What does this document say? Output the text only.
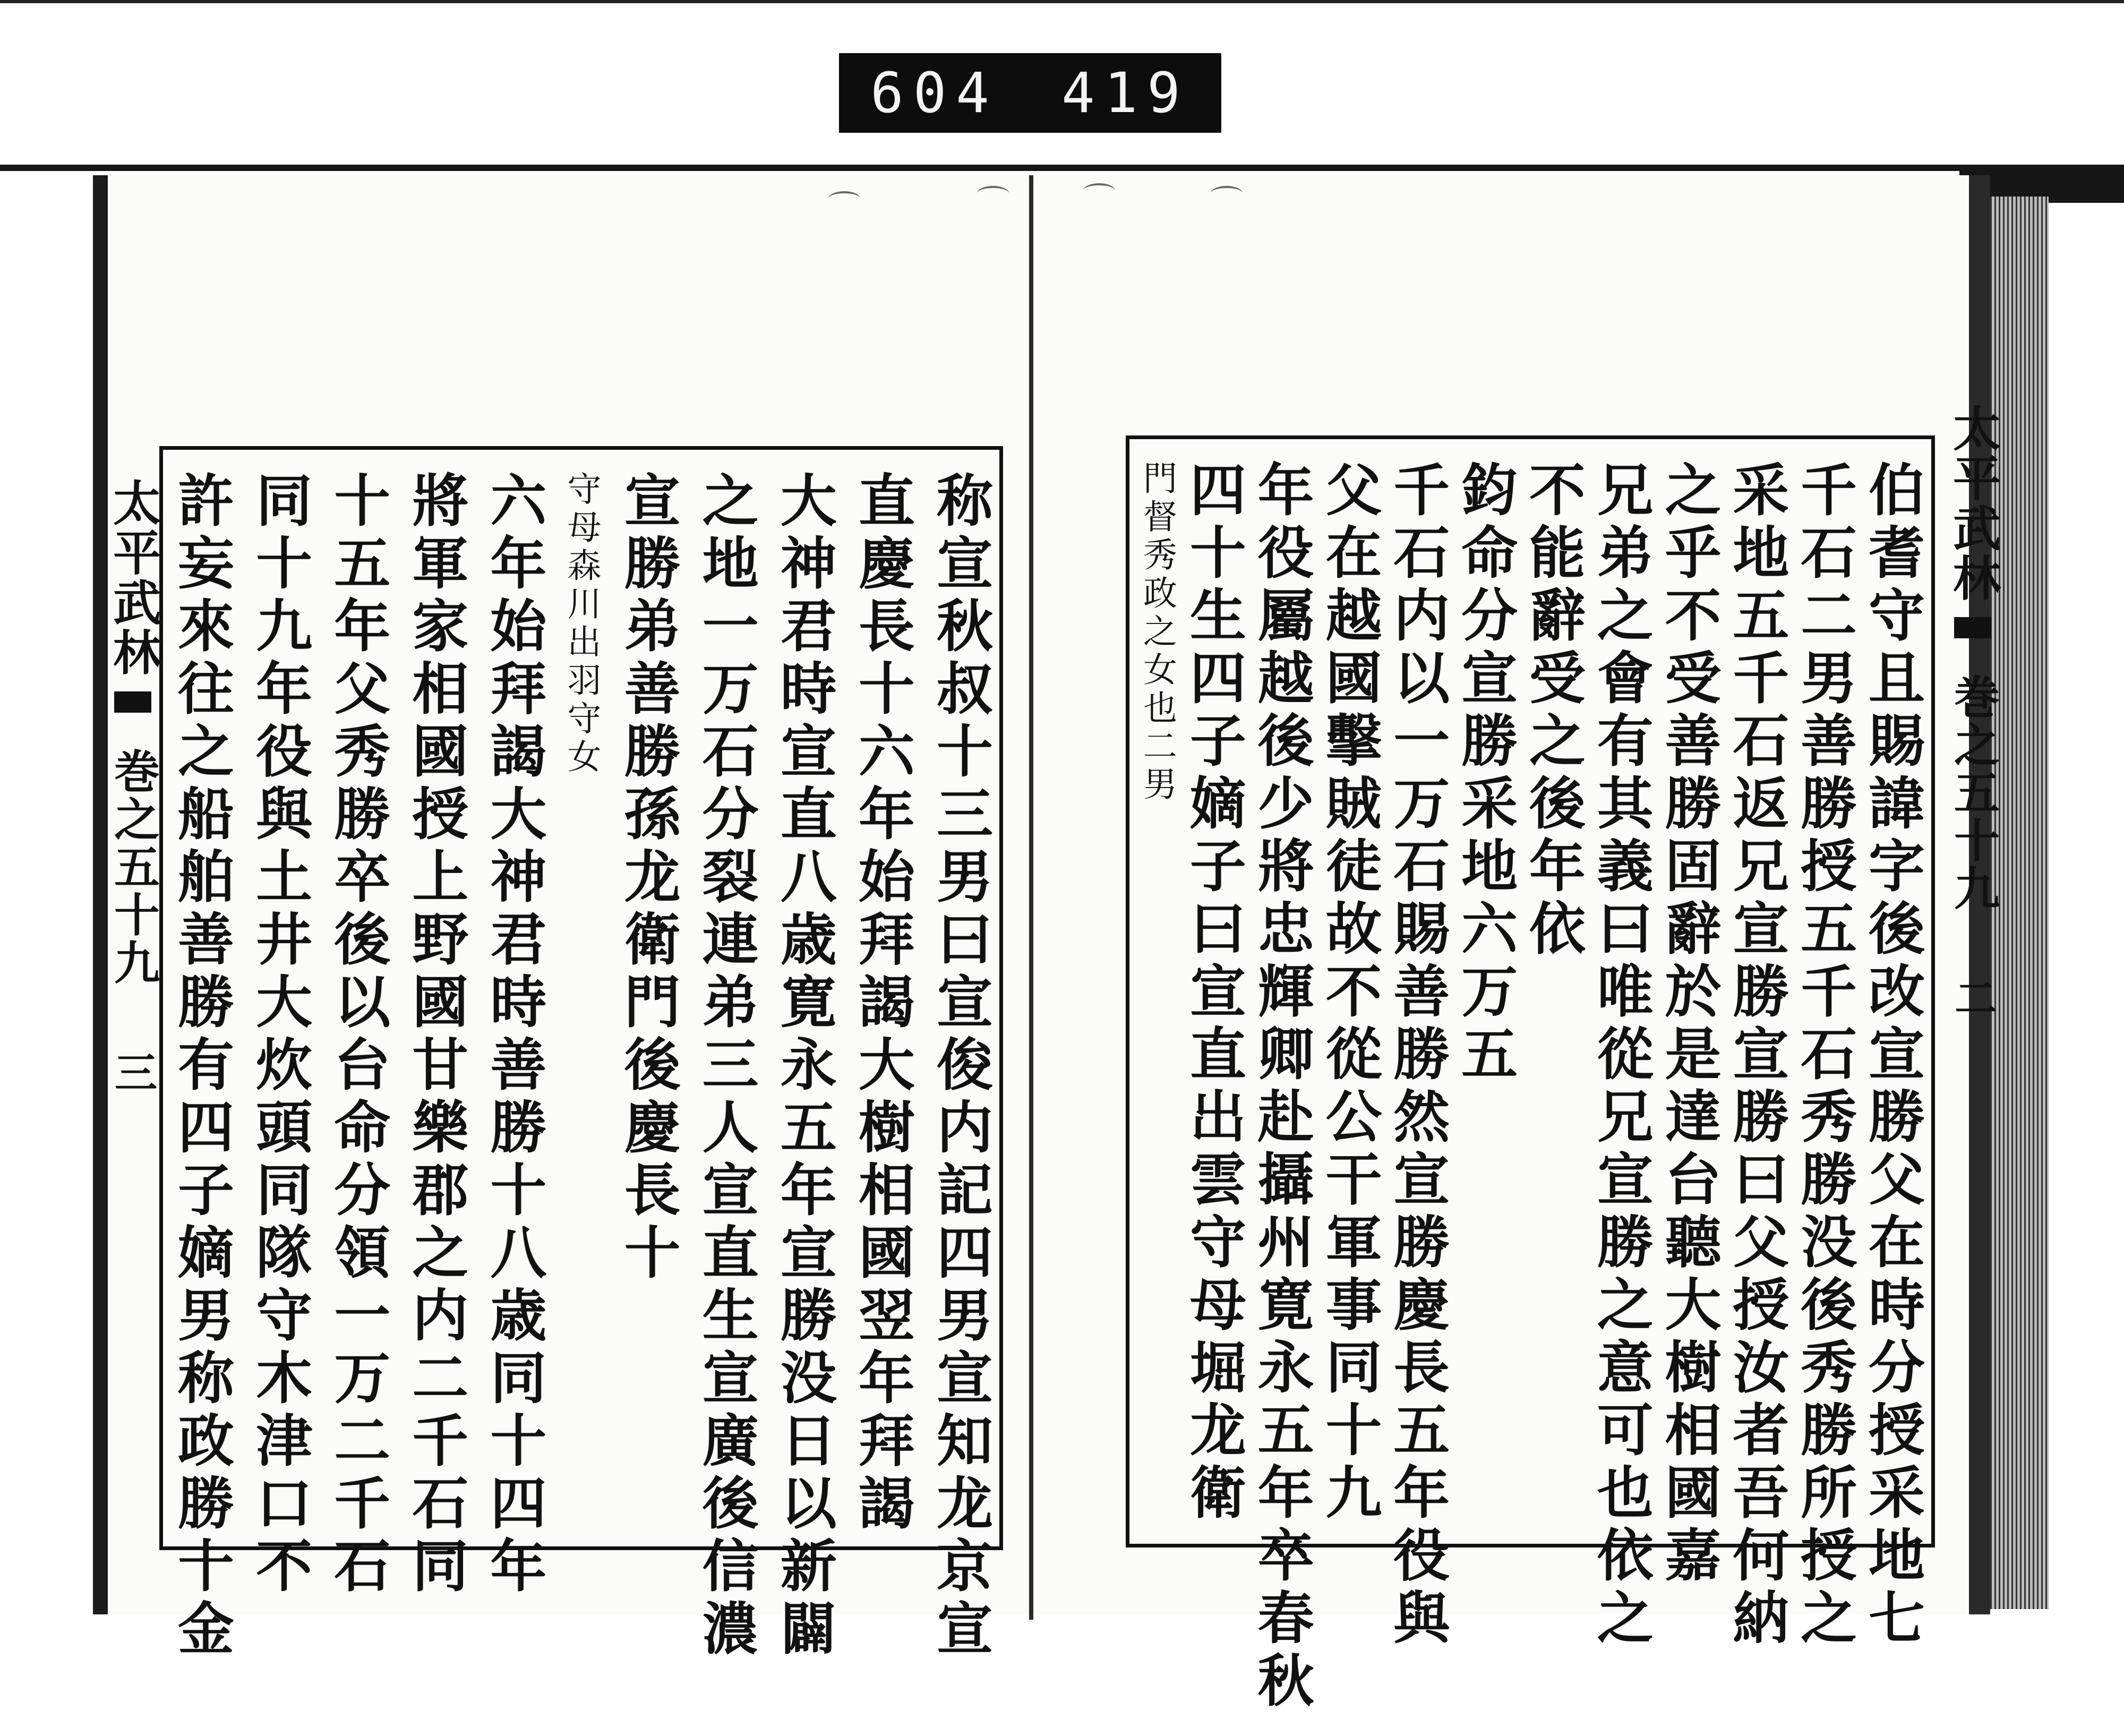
604 419
太平武林
巻之五十九
三
太平武林
巻之五十九
二
称宣秋叔十三男曰宣俊内記四男宣知龙京宣
直慶長十六年始拜謁大樹相國翌年拜謁
大神君時宣直八歳寛永五年宣勝没日以新闢
之地一万石分裂連弟三人宣直生宣廣後信濃
宣勝弟善勝孫龙衛門後慶長十
守母森川出羽守女
六年始拜謁大神君時善勝十八歳同十四年
將軍家相國授上野國甘樂郡之内二千石同
十五年父秀勝卒後以台命分領一万二千石
同十九年役與土井大炊頭同隊守木津口不
許妄來往之船舶善勝有四子嫡男称政勝十金	伯耆守且賜諱字後改宣勝父在時分授采地七
千石二男善勝授五千石秀勝没後秀勝所授之
采地五千石返兄宣勝宣勝曰父授汝者吾何納
之乎不受善勝固辭於是達台聽大樹相國嘉
兄弟之會有其義曰唯從兄宣勝之意可也依之
不能辭受之後年依
鈞命分宣勝采地六万五
千石内以一万石賜善勝然宣勝慶長五年役與
父在越國擊賊徒故不從公干軍事同十九
年役屬越後少將忠輝卿赴攝州寛永五年卒春秋
四十生四子嫡子曰宣直出雲守母堀龙衛
門督秀政之女也二男
